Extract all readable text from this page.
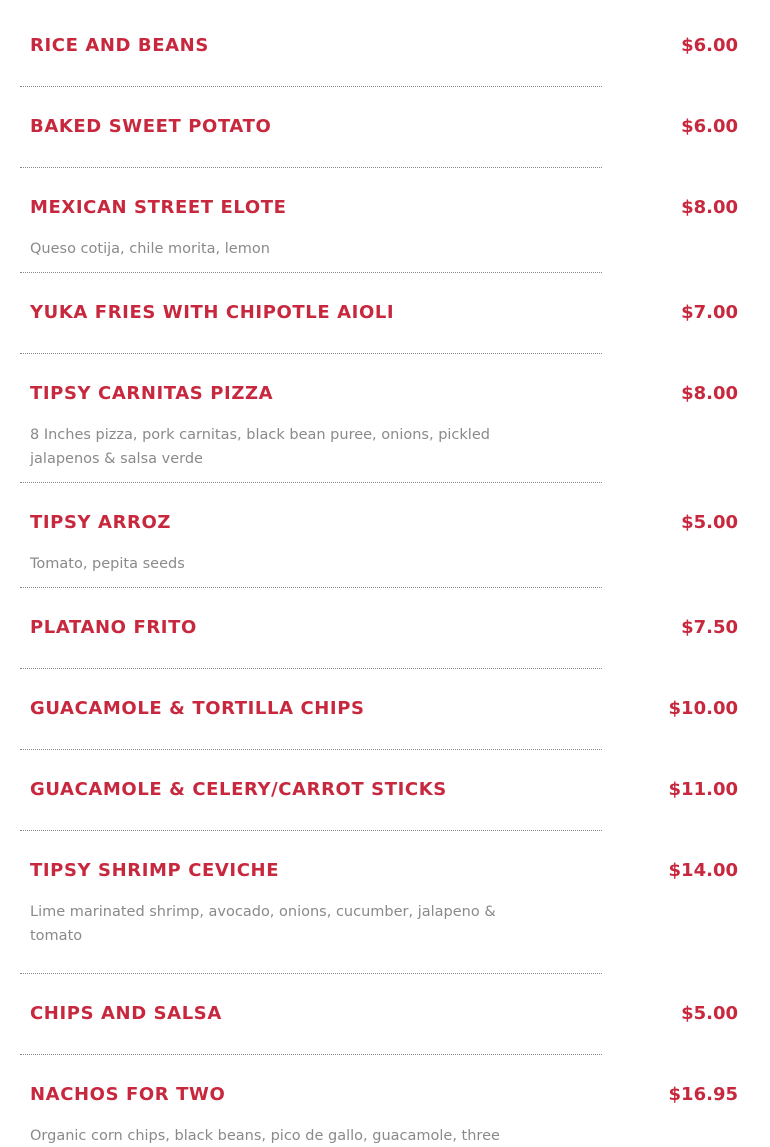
RICE AND BEANS	$6.00
BAKED SWEET POTATO	$6.00
MEXICAN STREET ELOTE	$8.00
Queso cotija, chile morita, lemon
YUKA FRIES WITH CHIPOTLE AIOLI	$7.00
TIPSY CARNITAS PIZZA	$8.00
8 Inches pizza, pork carnitas, black bean puree, onions, pickled jalapenos & salsa verde
TIPSY ARROZ	$5.00
Tomato, pepita seeds
PLATANO FRITO	$7.50
GUACAMOLE & TORTILLA CHIPS	$10.00
GUACAMOLE & CELERY/CARROT STICKS	$11.00
TIPSY SHRIMP CEVICHE	$14.00
Lime marinated shrimp, avocado, onions, cucumber, jalapeno & tomato
CHIPS AND SALSA	$5.00
NACHOS FOR TWO	$16.95
Organic corn chips, black beans, pico de gallo, guacamole, three
